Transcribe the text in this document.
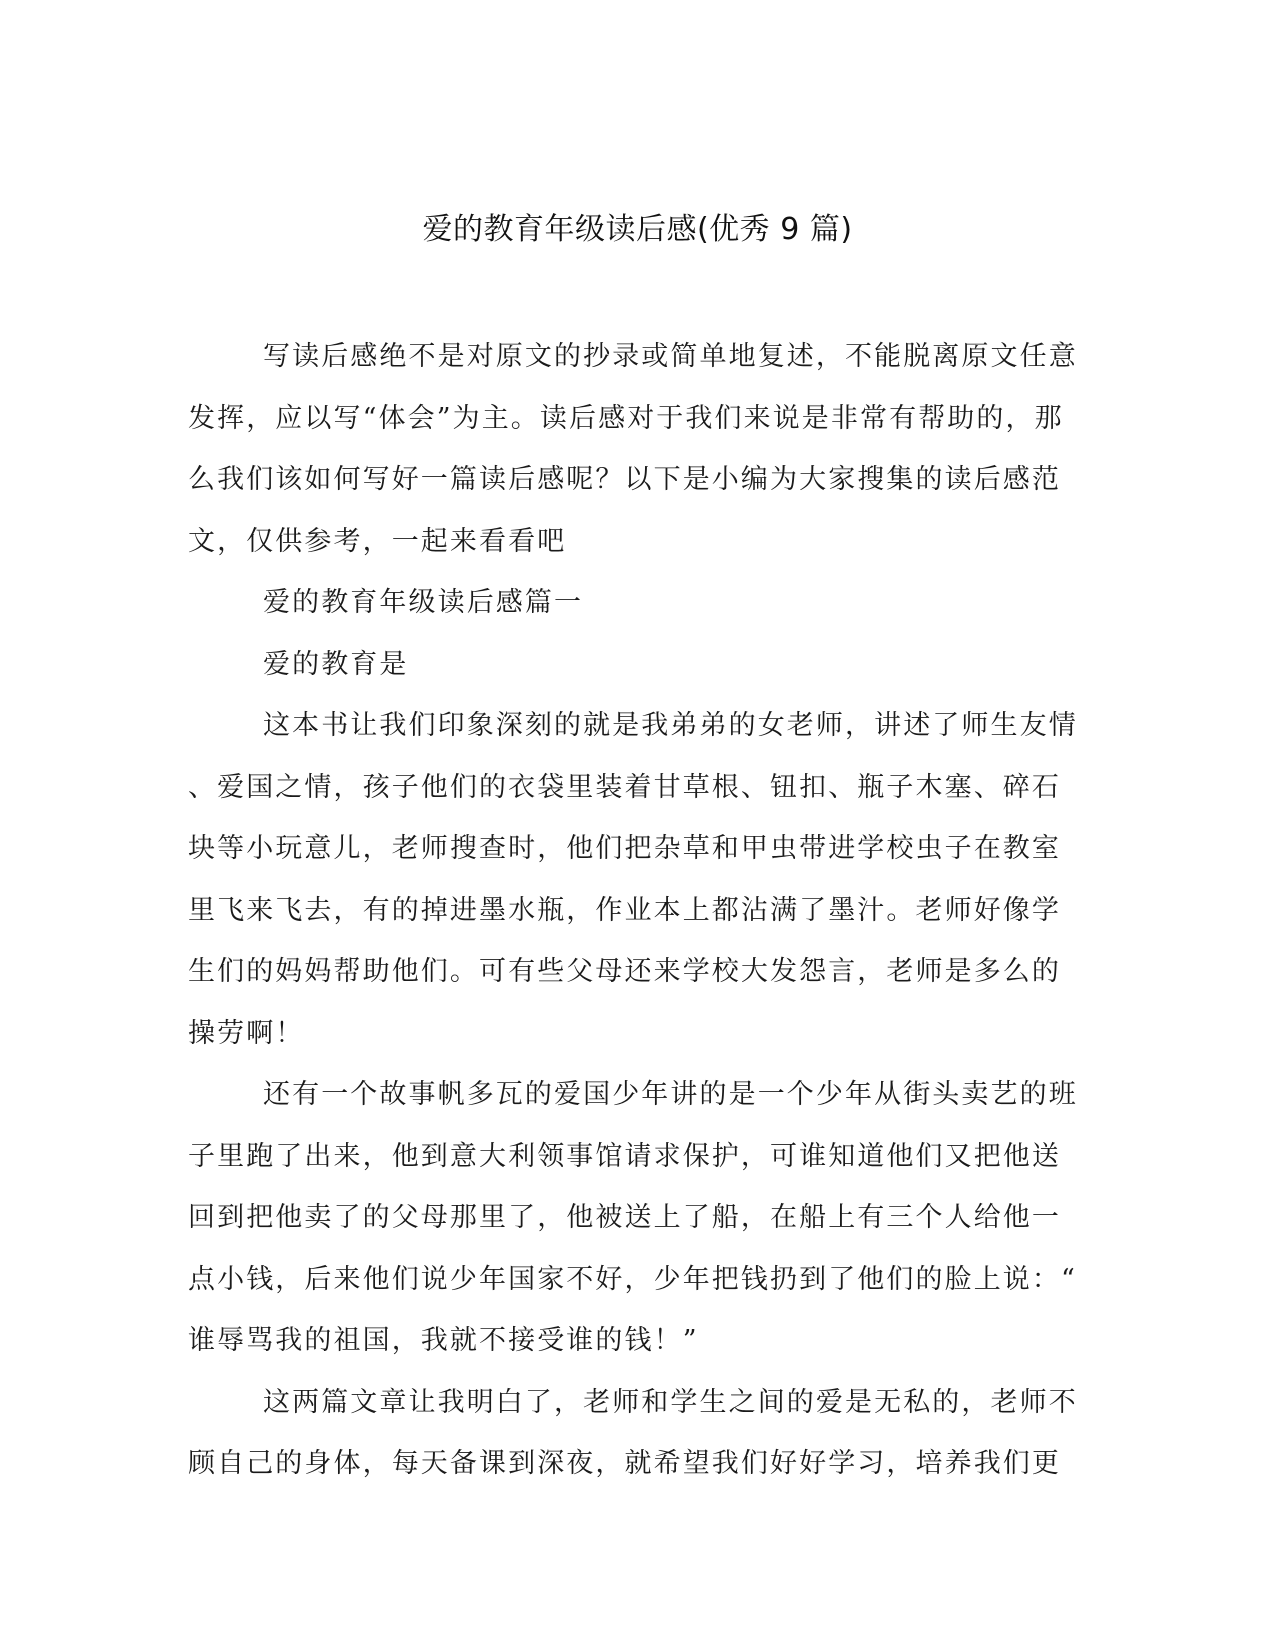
爱的教育年级读后感(优秀 9 篇)
写读后感绝不是对原文的抄录或简单地复述，不能脱离原文任意
发挥，应以写“体会”为主。读后感对于我们来说是非常有帮助的，那
么我们该如何写好一篇读后感呢？以下是小编为大家搜集的读后感范
文，仅供参考，一起来看看吧
爱的教育年级读后感篇一
爱的教育是
这本书让我们印象深刻的就是我弟弟的女老师，讲述了师生友情
、爱国之情，孩子他们的衣袋里装着甘草根、钮扣、瓶子木塞、碎石
块等小玩意儿，老师搜查时，他们把杂草和甲虫带进学校虫子在教室
里飞来飞去，有的掉进墨水瓶，作业本上都沾满了墨汁。老师好像学
生们的妈妈帮助他们。可有些父母还来学校大发怨言，老师是多么的
操劳啊！
还有一个故事帆多瓦的爱国少年讲的是一个少年从街头卖艺的班
子里跑了出来，他到意大利领事馆请求保护，可谁知道他们又把他送
回到把他卖了的父母那里了，他被送上了船，在船上有三个人给他一
点小钱，后来他们说少年国家不好，少年把钱扔到了他们的脸上说：“
谁辱骂我的祖国，我就不接受谁的钱！”
这两篇文章让我明白了，老师和学生之间的爱是无私的，老师不
顾自己的身体，每天备课到深夜，就希望我们好好学习，培养我们更
